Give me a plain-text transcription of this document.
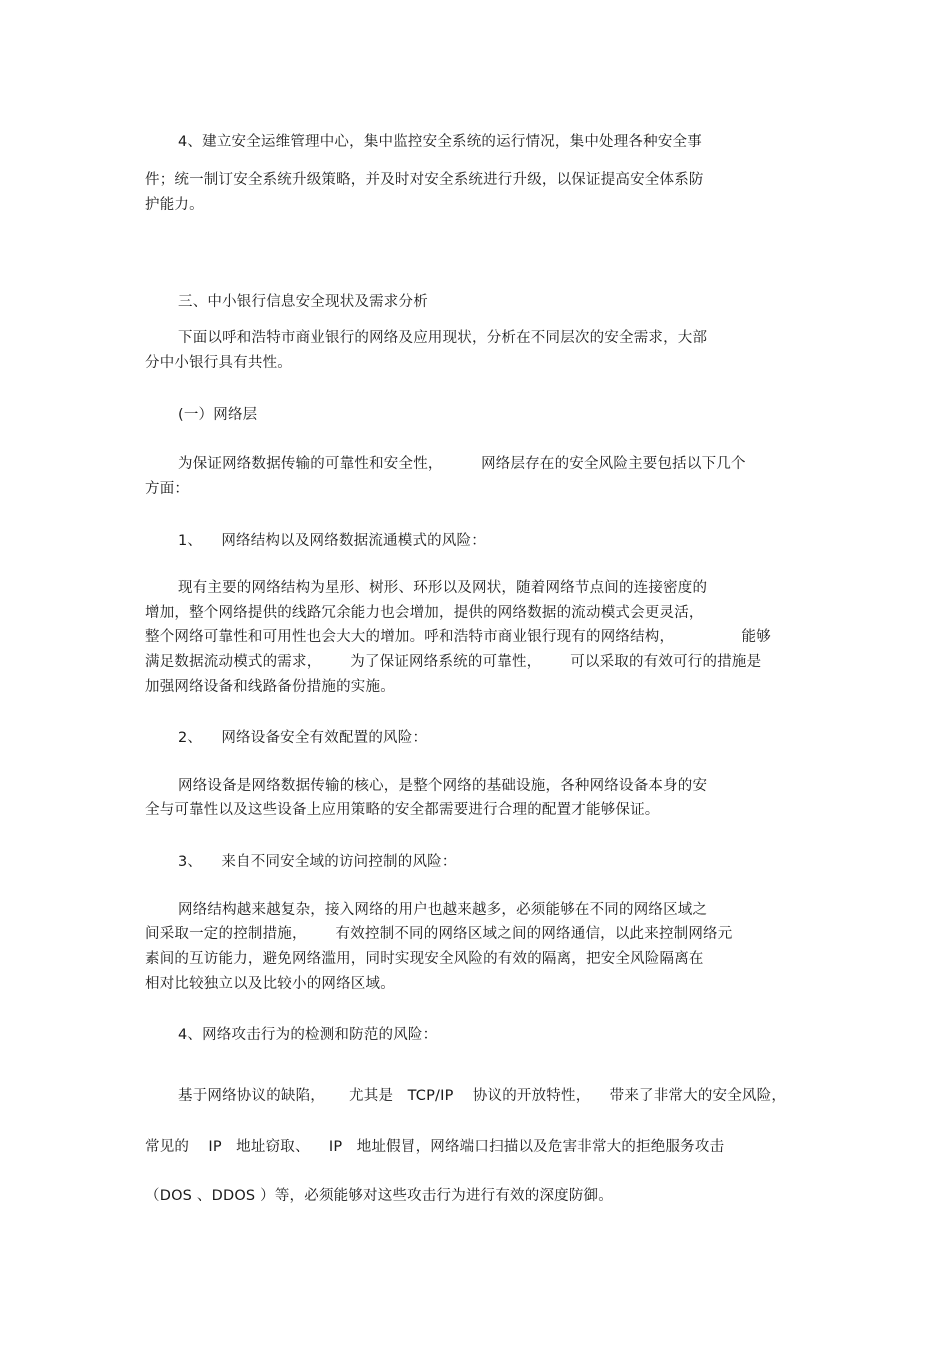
4、建立安全运维管理中心，集中监控安全系统的运行情况，集中处理各种安全事
件；统一制订安全系统升级策略，并及时对安全系统进行升级，以保证提高安全体系防
护能力。
三、中小银行信息安全现状及需求分析
下面以呼和浩特市商业银行的网络及应用现状，分析在不同层次的安全需求，大部
分中小银行具有共性。
(一）网络层
为保证网络数据传输的可靠性和安全性，        网络层存在的安全风险主要包括以下几个
方面：
1、    网络结构以及网络数据流通模式的风险：
现有主要的网络结构为星形、树形、环形以及网状，随着网络节点间的连接密度的
增加，整个网络提供的线路冗余能力也会增加，提供的网络数据的流动模式会更灵活，
整个网络可靠性和可用性也会大大的增加。呼和浩特市商业银行现有的网络结构，              能够
满足数据流动模式的需求，      为了保证网络系统的可靠性，      可以采取的有效可行的措施是
加强网络设备和线路备份措施的实施。
2、    网络设备安全有效配置的风险：
网络设备是网络数据传输的核心，是整个网络的基础设施，各种网络设备本身的安
全与可靠性以及这些设备上应用策略的安全都需要进行合理的配置才能够保证。
3、    来自不同安全域的访问控制的风险：
网络结构越来越复杂，接入网络的用户也越来越多，必须能够在不同的网络区域之
间采取一定的控制措施，      有效控制不同的网络区域之间的网络通信，以此来控制网络元
素间的互访能力，避免网络滥用，同时实现安全风险的有效的隔离，把安全风险隔离在
相对比较独立以及比较小的网络区域。
4、网络攻击行为的检测和防范的风险：
基于网络协议的缺陷，     尤其是   TCP/IP    协议的开放特性，    带来了非常大的安全风险，
常见的    IP   地址窃取、    IP   地址假冒，网络端口扫描以及危害非常大的拒绝服务攻击
（DOS 、DDOS ）等，必须能够对这些攻击行为进行有效的深度防御。
